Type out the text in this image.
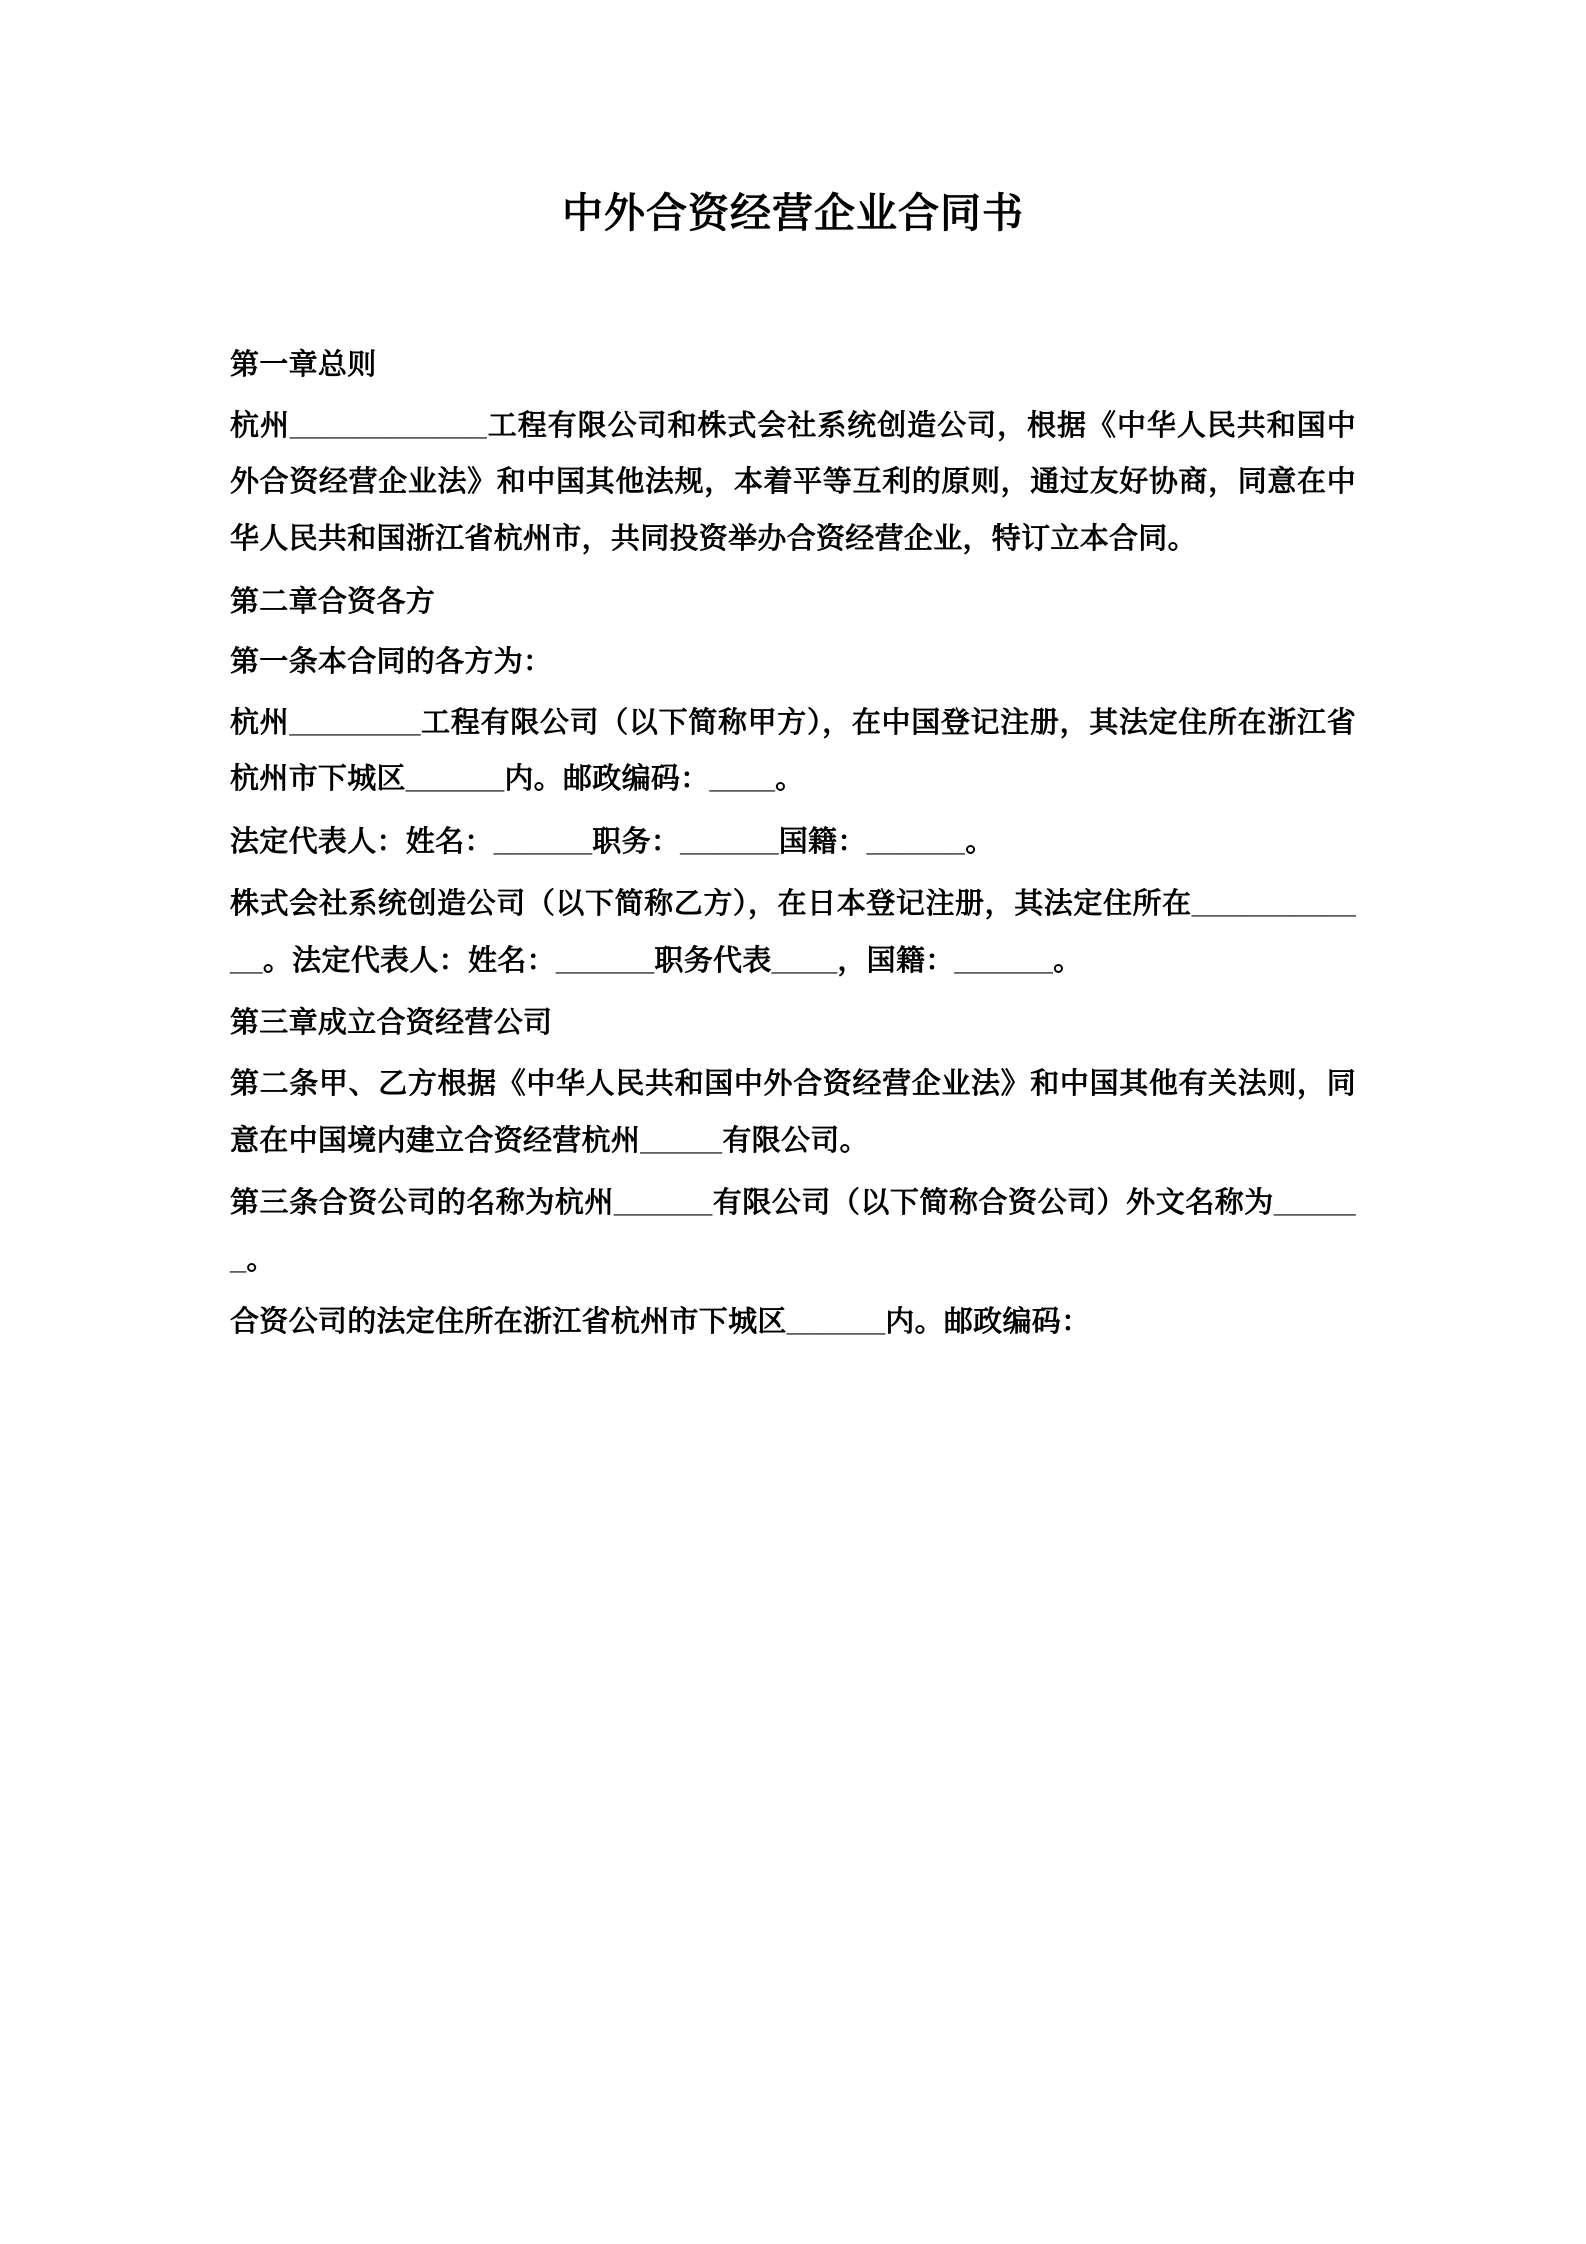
中外合资经营企业合同书

第一章总则

杭州____________工程有限公司和株式会社系统创造公司，根据《中华人民共和国中外合资经营企业法》和中国其他法规，本着平等互利的原则，通过友好协商，同意在中华人民共和国浙江省杭州市，共同投资举办合资经营企业，特订立本合同。

第二章合资各方

第一条本合同的各方为：

杭州________工程有限公司（以下简称甲方），在中国登记注册，其法定住所在浙江省杭州市下城区______内。邮政编码：____。

法定代表人：姓名：______职务：______国籍：______。

株式会社系统创造公司（以下简称乙方），在日本登记注册，其法定住所在____________。法定代表人：姓名：______职务代表____，国籍：______。

第三章成立合资经营公司

第二条甲、乙方根据《中华人民共和国中外合资经营企业法》和中国其他有关法则，同意在中国境内建立合资经营杭州_____有限公司。

第三条合资公司的名称为杭州______有限公司（以下简称合资公司）外文名称为______。

合资公司的法定住所在浙江省杭州市下城区______内。邮政编码：
